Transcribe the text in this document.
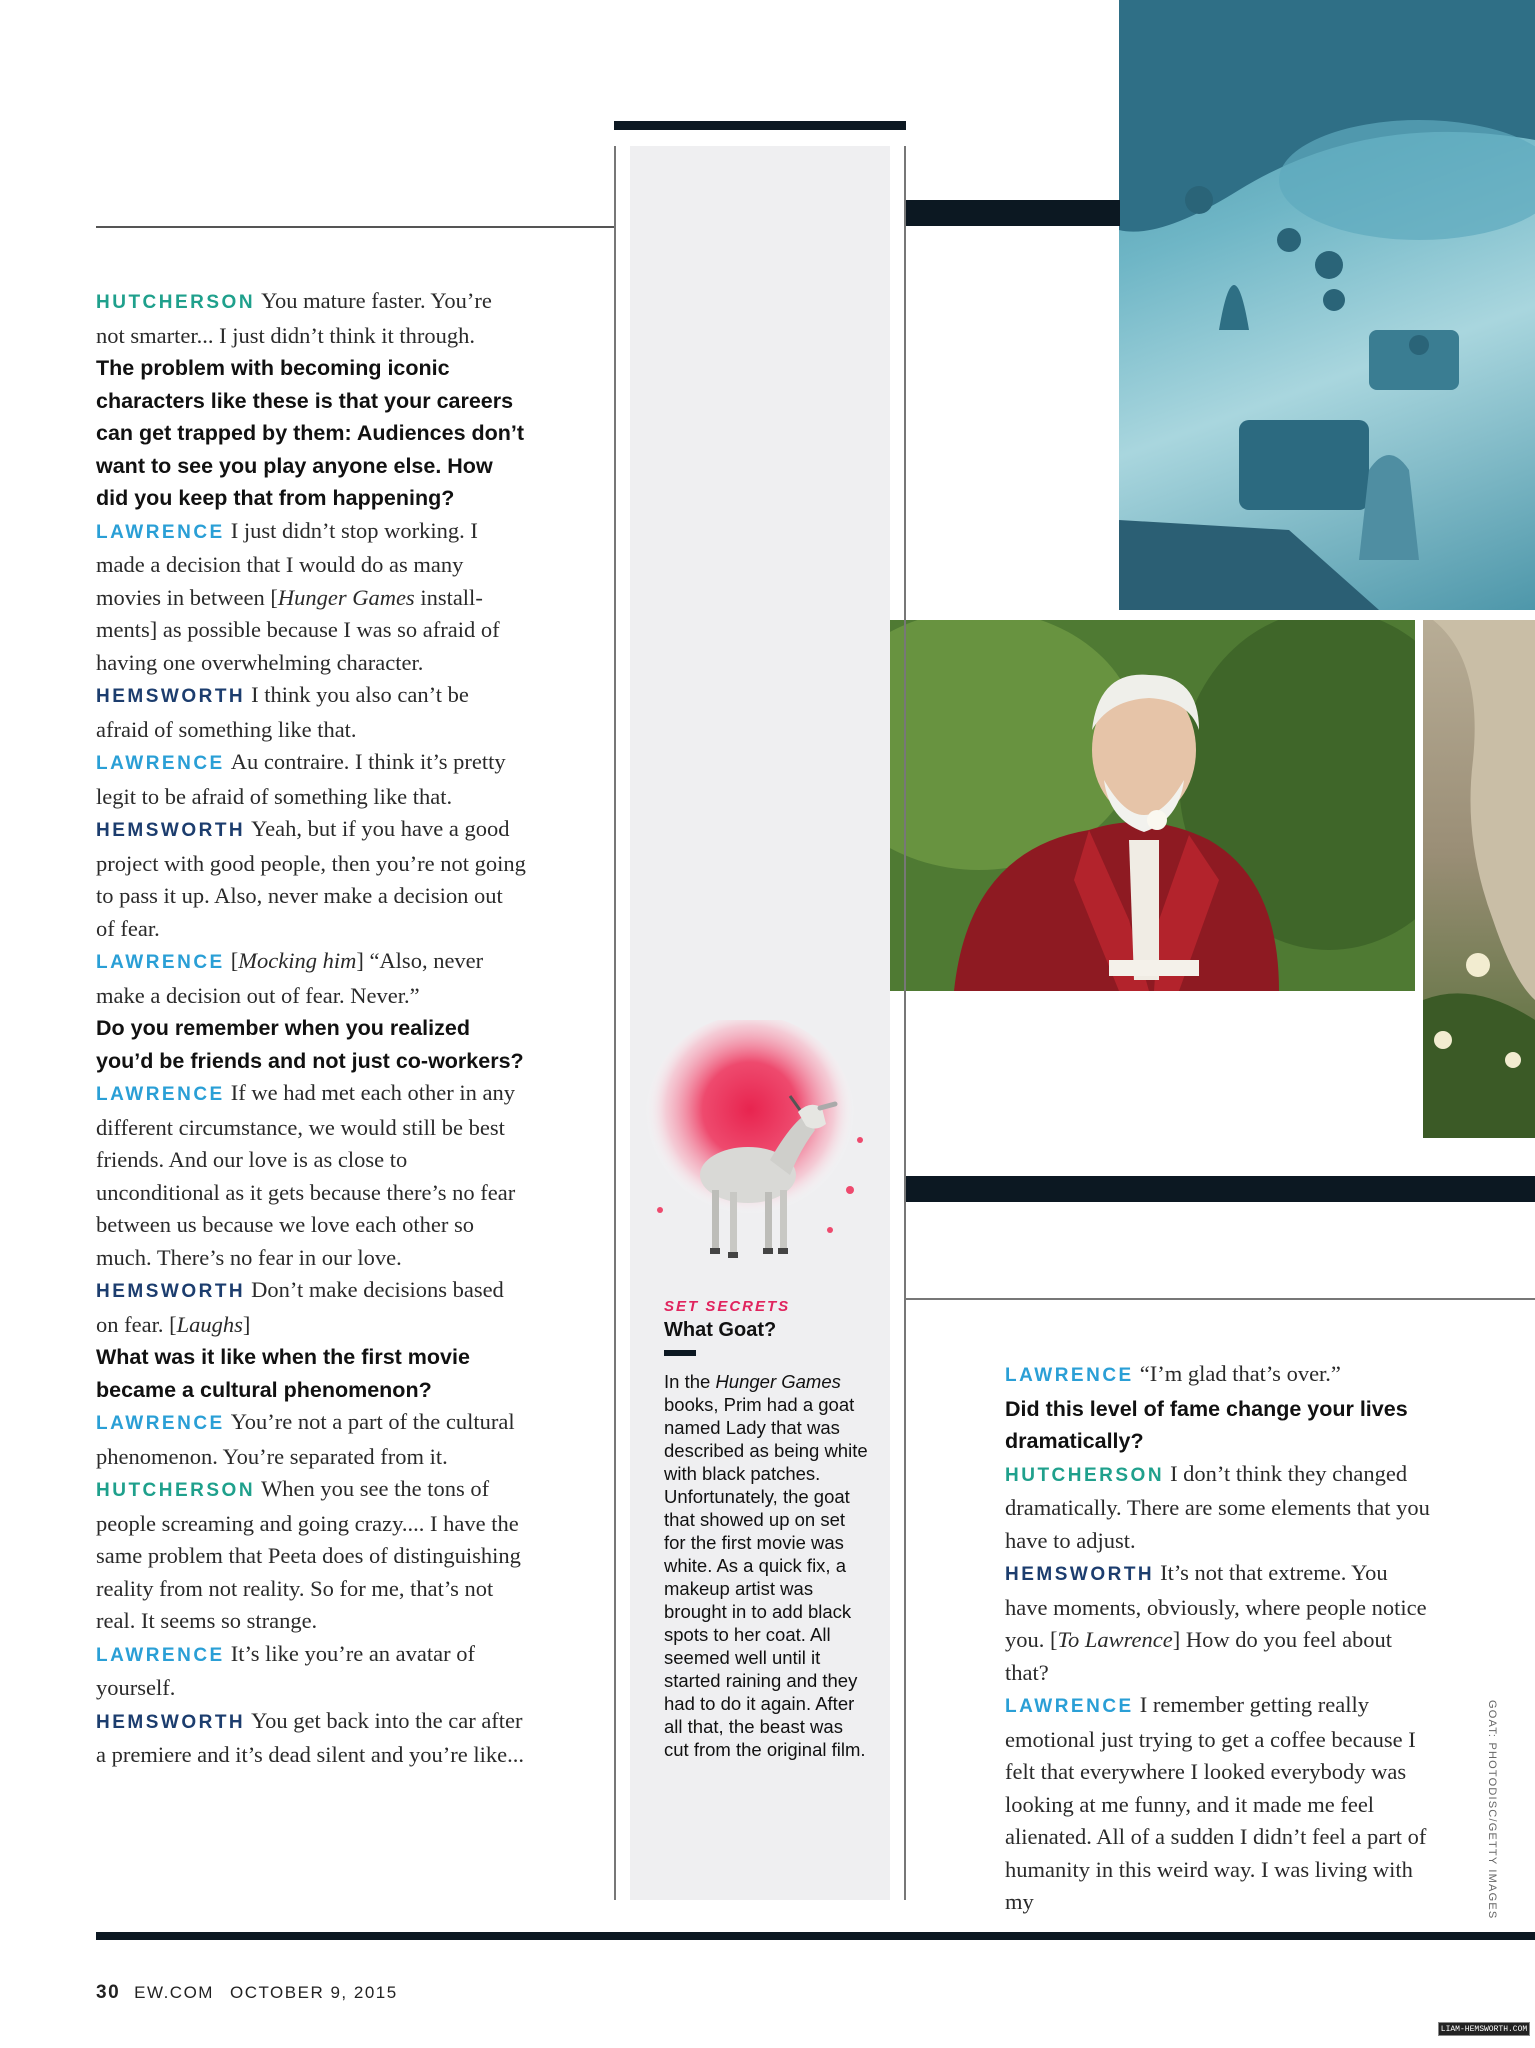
SET SECRETS
What Goat?
In the Hunger Games books, Prim had a goat named Lady that was described as being white with black patches. Unfortunately, the goat that showed up on set for the first movie was white. As a quick fix, a makeup artist was brought in to add black spots to her coat. All seemed well until it started raining and they had to do it again. After all that, the beast was cut from the original film.
HUTCHERSON You mature faster. You’re not smarter... I just didn’t think it through.
The problem with becoming iconic characters like these is that your careers can get trapped by them: Audiences don’t want to see you play anyone else. How did you keep that from happening?
LAWRENCE I just didn’t stop working. I made a decision that I would do as many movies in between [Hunger Games installments] as possible because I was so afraid of having one overwhelming character.
HEMSWORTH I think you also can’t be afraid of something like that.
LAWRENCE Au contraire. I think it’s pretty legit to be afraid of something like that.
HEMSWORTH Yeah, but if you have a good project with good people, then you’re not going to pass it up. Also, never make a decision out of fear.
LAWRENCE [Mocking him] “Also, never make a decision out of fear. Never.”
Do you remember when you realized you’d be friends and not just co-workers?
LAWRENCE If we had met each other in any different circumstance, we would still be best friends. And our love is as close to unconditional as it gets because there’s no fear between us because we love each other so much. There’s no fear in our love.
HEMSWORTH Don’t make decisions based on fear. [Laughs]
What was it like when the first movie became a cultural phenomenon?
LAWRENCE You’re not a part of the cultural phenomenon. You’re separated from it.
HUTCHERSON When you see the tons of people screaming and going crazy.... I have the same problem that Peeta does of distinguishing reality from not reality. So for me, that’s not real. It seems so strange.
LAWRENCE It’s like you’re an avatar of yourself.
HEMSWORTH You get back into the car after a premiere and it’s dead silent and you’re like...
LAWRENCE “I’m glad that’s over.”
Did this level of fame change your lives dramatically?
HUTCHERSON I don’t think they changed dramatically. There are some elements that you have to adjust.
HEMSWORTH It’s not that extreme. You have moments, obviously, where people notice you. [To Lawrence] How do you feel about that?
LAWRENCE I remember getting really emotional just trying to get a coffee because I felt that everywhere I looked everybody was looking at me funny, and it made me feel alienated. All of a sudden I didn’t feel a part of humanity in this weird way. I was living with my	GOAT: PHOTODISC/GETTY IMAGES
30 EW.COM OCTOBER 9, 2015
LIAM-HEMSWORTH.COM
